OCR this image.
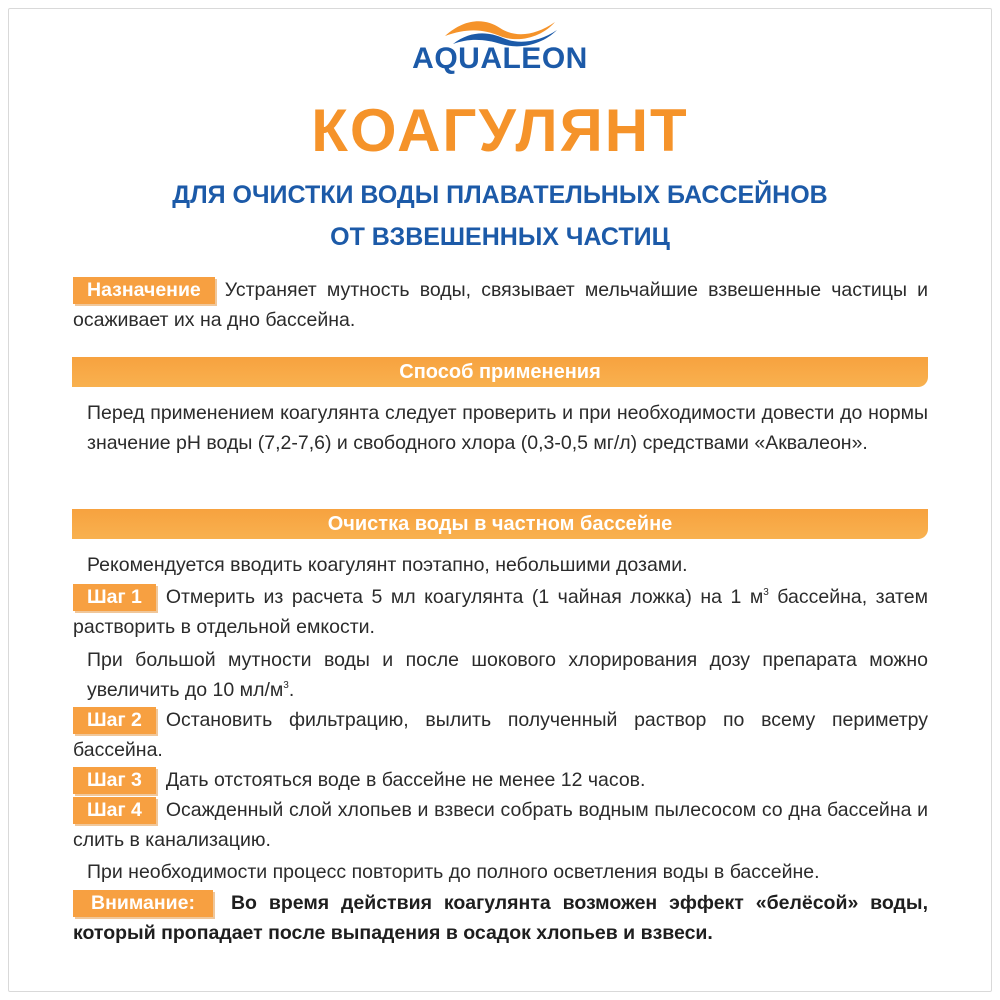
AQUALEON
КОАГУЛЯНТ
ДЛЯ ОЧИСТКИ ВОДЫ ПЛАВАТЕЛЬНЫХ БАССЕЙНОВ
ОТ ВЗВЕШЕННЫХ ЧАСТИЦ
Назначение Устраняет мутность воды, связывает мельчайшие взвешенные частицы и осаживает их на дно бассейна.
Способ применения
Перед применением коагулянта следует проверить и при необходимости довести до нормы значение pH воды (7,2-7,6) и свободного хлора (0,3-0,5 мг/л) средствами «Аквалеон».
Очистка воды в частном бассейне
Рекомендуется вводить коагулянт поэтапно, небольшими дозами.
Шаг 1 Отмерить из расчета 5 мл коагулянта (1 чайная ложка) на 1 $м^3$ бассейна, затем растворить в отдельной емкости.
При большой мутности воды и после шокового хлорирования дозу препарата можно увеличить до 10 $мл/м^3$.
Шаг 2 Остановить фильтрацию, вылить полученный раствор по всему периметру бассейна.
Шаг 3 Дать отстояться воде в бассейне не менее 12 часов.
Шаг 4 Осажденный слой хлопьев и взвеси собрать водным пылесосом со дна бассейна и слить в канализацию.
При необходимости процесс повторить до полного осветления воды в бассейне.
Внимание: Во время действия коагулянта возможен эффект «белёсой» воды, который пропадает после выпадения в осадок хлопьев и взвеси.
